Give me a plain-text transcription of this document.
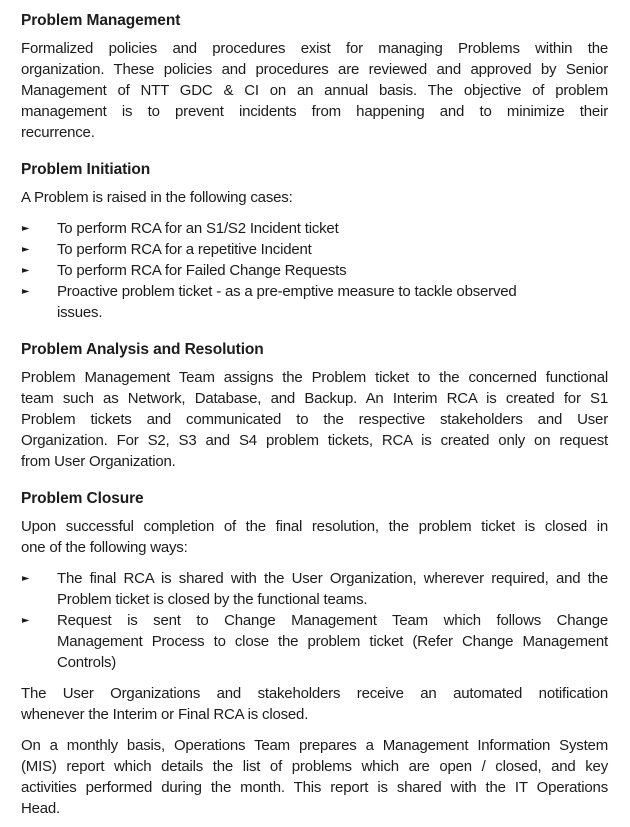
Problem Management

Formalized policies and procedures exist for managing Problems within the
organization. These policies and procedures are reviewed and approved by Senior
Management of NTT GDC & CI on an annual basis. The objective of problem
management is to prevent incidents from happening and to minimize their
recurrence.

Problem Initiation

A Problem is raised in the following cases:

► To perform RCA for an S1/S2 Incident ticket
► To perform RCA for a repetitive Incident
► To perform RCA for Failed Change Requests
► Proactive problem ticket - as a pre-emptive measure to tackle observed
issues.
Problem Analysis and Resolution

Problem Management Team assigns the Problem ticket to the concerned functional
team such as Network, Database, and Backup. An Interim RCA is created for S1
Problem tickets and communicated to the respective stakeholders and User
Organization. For S2, S3 and S4 problem tickets, RCA is created only on request
from User Organization.

Problem Closure

Upon successful completion of the final resolution, the problem ticket is closed in
one of the following ways:

► The final RCA is shared with the User Organization, wherever required, and the
Problem ticket is closed by the functional teams.
► Request is sent to Change Management Team which follows Change
Management Process to close the problem ticket (Refer Change Management
Controls)

The User Organizations and stakeholders receive an automated notification
whenever the Interim or Final RCA is closed.

On a monthly basis, Operations Team prepares a Management Information System
(MIS) report which details the list of problems which are open / closed, and key
activities performed during the month. This report is shared with the IT Operations
Head.
